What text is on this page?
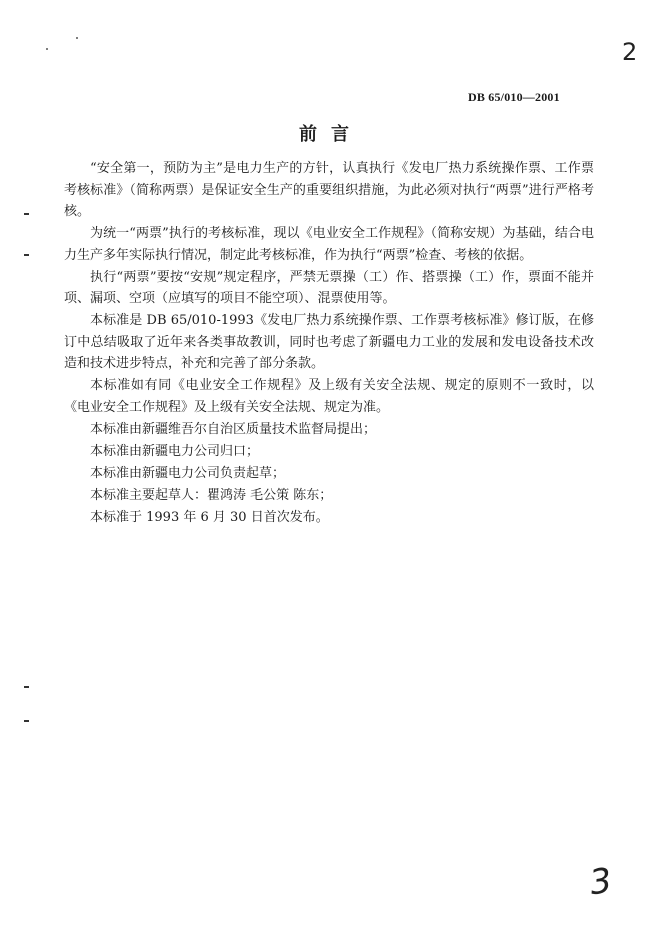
2
DB 65/010—2001
前言

“安全第一，预防为主”是电力生产的方针，认真执行《发电厂热力系统操作票、工作票考核标准》（简称两票）是保证安全生产的重要组织措施，为此必须对执行“两票”进行严格考核。

为统一“两票”执行的考核标准，现以《电业安全工作规程》（简称安规）为基础，结合电力生产多年实际执行情况，制定此考核标准，作为执行“两票”检查、考核的依据。

执行“两票”要按“安规”规定程序，严禁无票操（工）作、搭票操（工）作，票面不能并项、漏项、空项（应填写的项目不能空项）、混票使用等。

本标准是 DB 65/010-1993《发电厂热力系统操作票、工作票考核标准》修订版，在修订中总结吸取了近年来各类事故教训，同时也考虑了新疆电力工业的发展和发电设备技术改造和技术进步特点，补充和完善了部分条款。

本标准如有同《电业安全工作规程》及上级有关安全法规、规定的原则不一致时，以《电业安全工作规程》及上级有关安全法规、规定为准。

本标准由新疆维吾尔自治区质量技术监督局提出；

本标准由新疆电力公司归口；

本标准由新疆电力公司负责起草；

本标准主要起草人：瞿鸿涛 毛公策 陈东；

本标准于 1993 年 6 月 30 日首次发布。

3
